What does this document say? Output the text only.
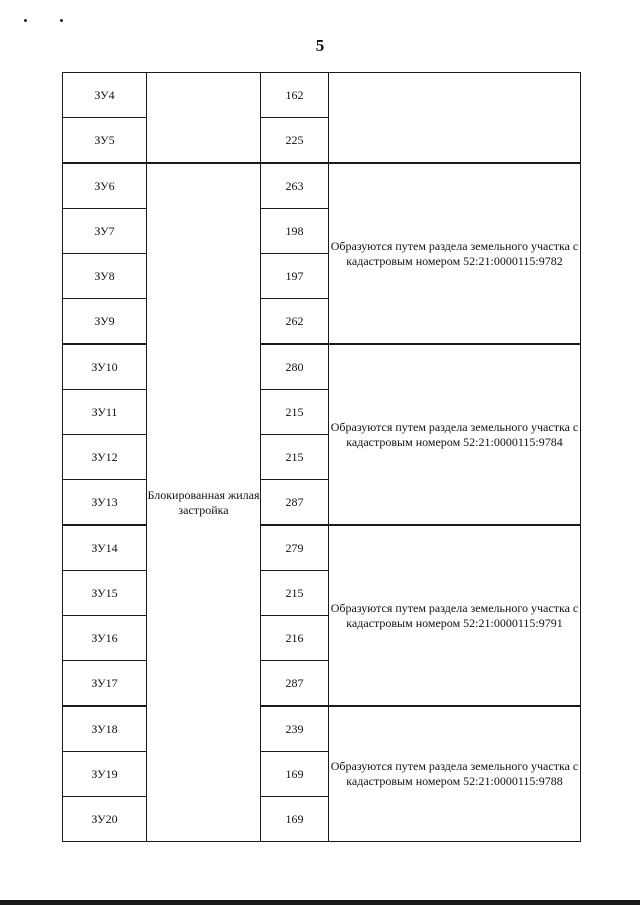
5
ЗУ4		162	
ЗУ5		225	
ЗУ6	Блокированная жилая застройка	263	Образуются путем раздела земельного участка с кадастровым номером 52:21:0000115:9782
ЗУ7		198	
ЗУ8		197	
ЗУ9		262	
ЗУ10		280	Образуются путем раздела земельного участка с кадастровым номером 52:21:0000115:9784
ЗУ11		215	
ЗУ12		215	
ЗУ13		287	
ЗУ14		279	Образуются путем раздела земельного участка с кадастровым номером 52:21:0000115:9791
ЗУ15		215	
ЗУ16		216	
ЗУ17		287	
ЗУ18		239	Образуются путем раздела земельного участка с кадастровым номером 52:21:0000115:9788
ЗУ19		169	
ЗУ20		169	
